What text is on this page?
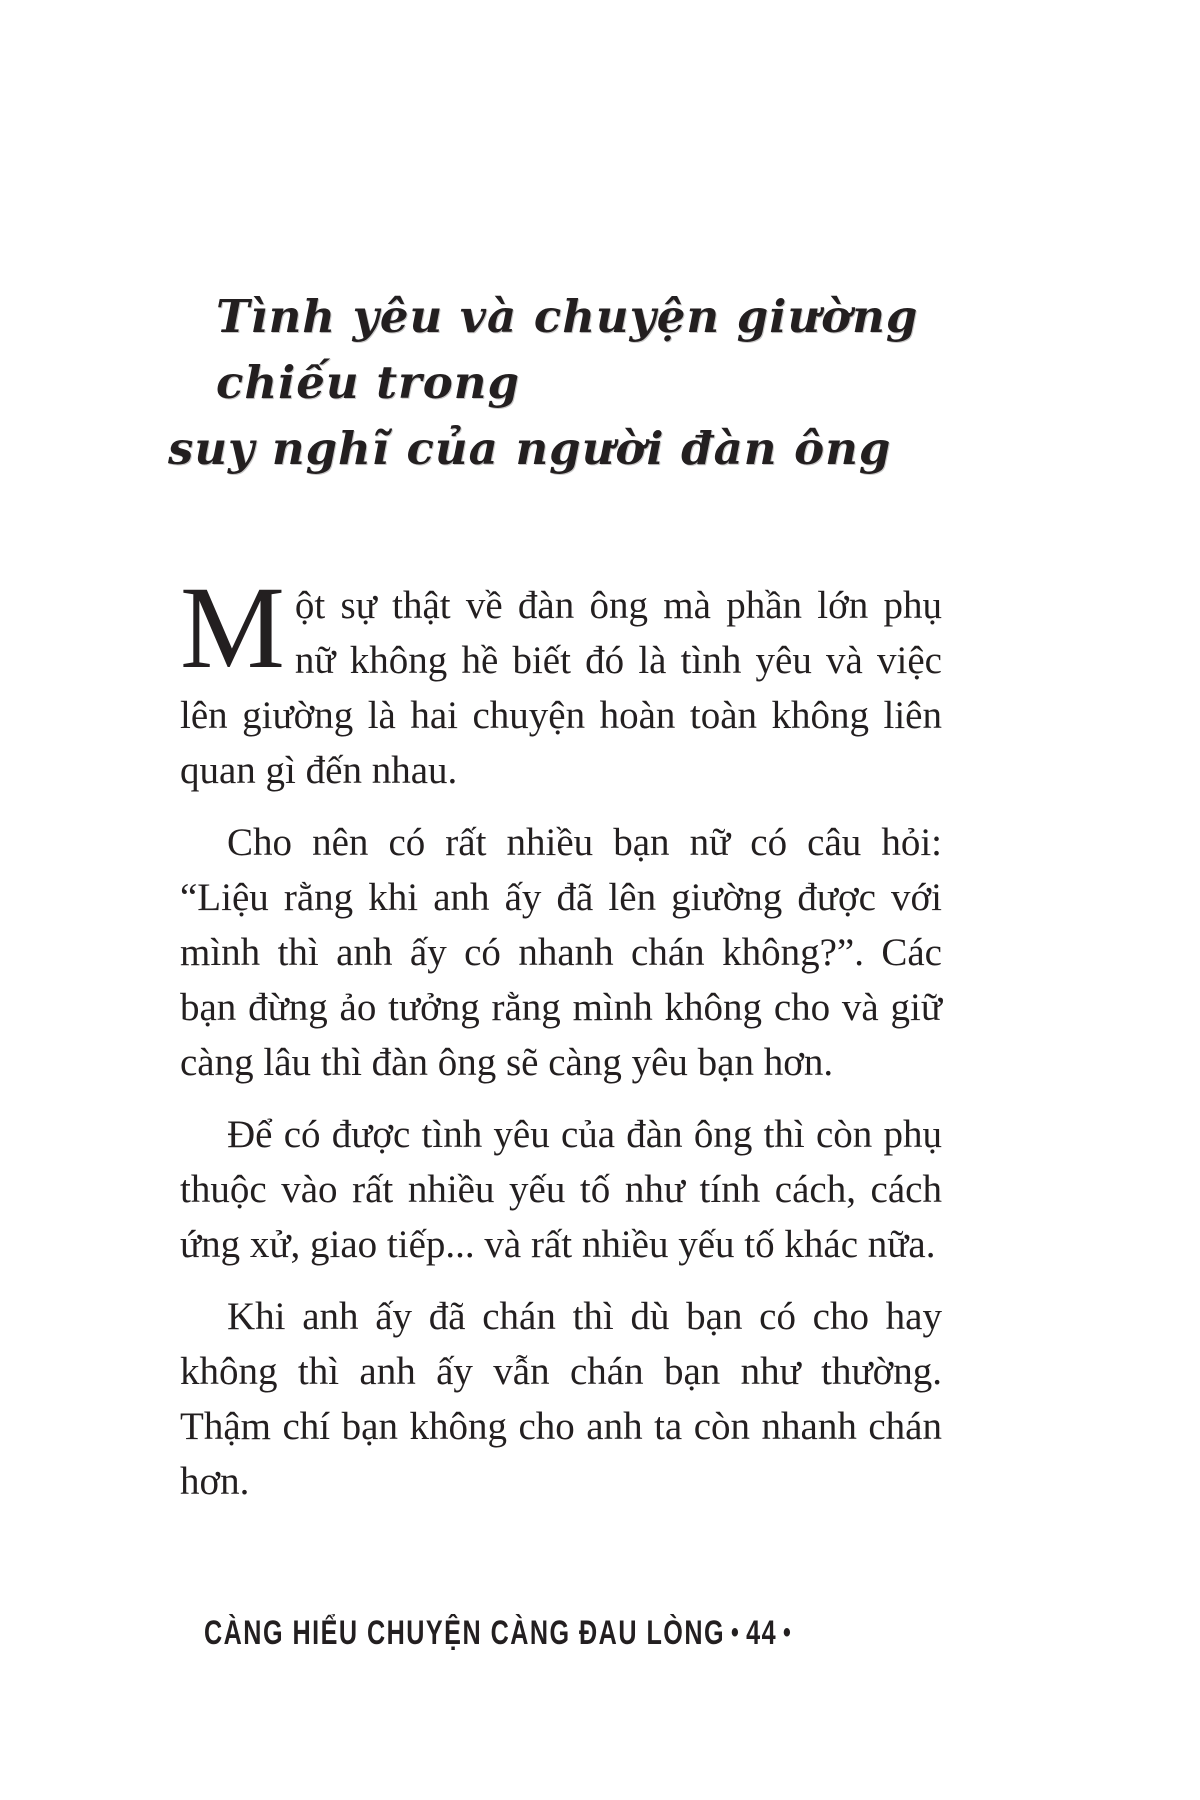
Tình yêu và chuyện giường chiếu trong
suy nghĩ của người đàn ông

Một sự thật về đàn ông mà phần lớn phụ nữ không hề biết đó là tình yêu và việc lên giường là hai chuyện hoàn toàn không liên quan gì đến nhau.

Cho nên có rất nhiều bạn nữ có câu hỏi: “Liệu rằng khi anh ấy đã lên giường được với mình thì anh ấy có nhanh chán không?”. Các bạn đừng ảo tưởng rằng mình không cho và giữ càng lâu thì đàn ông sẽ càng yêu bạn hơn.

Để có được tình yêu của đàn ông thì còn phụ thuộc vào rất nhiều yếu tố như tính cách, cách ứng xử, giao tiếp... và rất nhiều yếu tố khác nữa.

Khi anh ấy đã chán thì dù bạn có cho hay không thì anh ấy vẫn chán bạn như thường. Thậm chí bạn không cho anh ta còn nhanh chán hơn.

CÀNG HIỂU CHUYỆN CÀNG ĐAU LÒNG • 44 •
